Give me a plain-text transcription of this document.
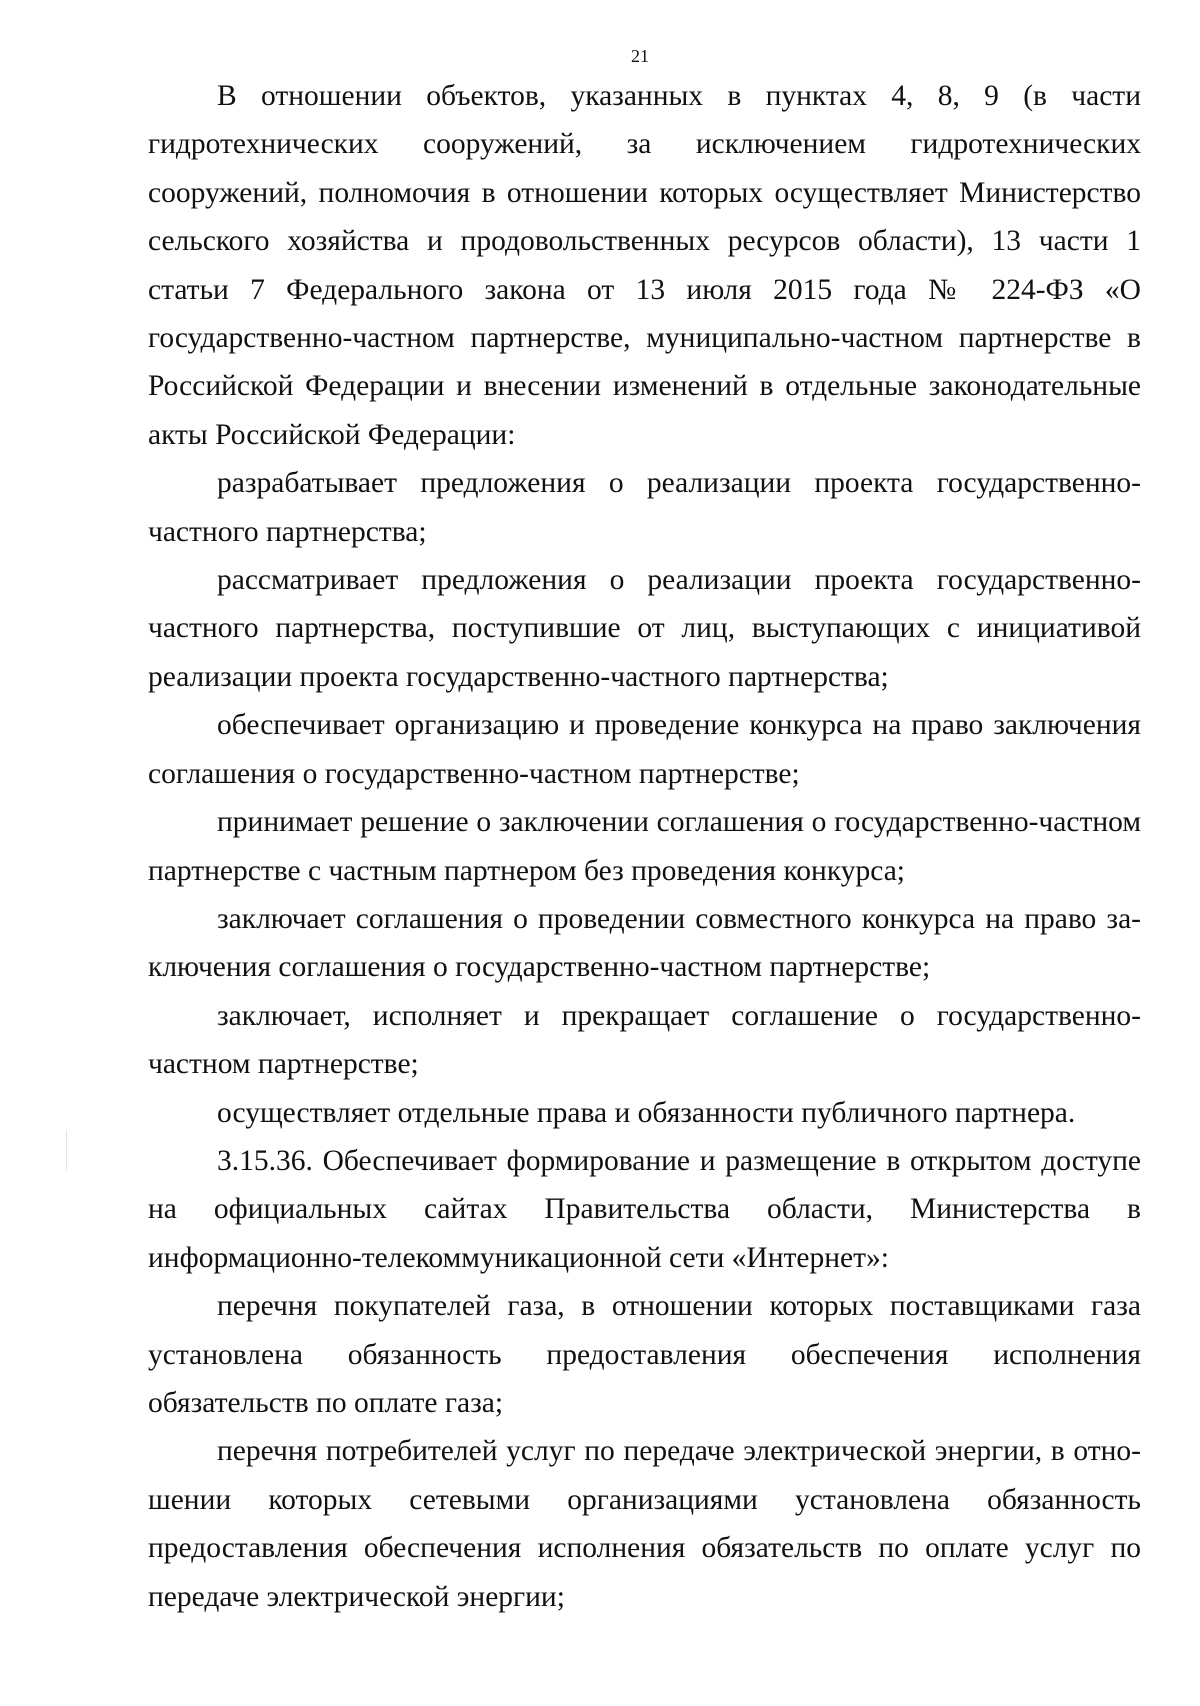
21

В отношении объектов, указанных в пунктах 4, 8, 9 (в части гидротехнических сооружений, за исключением гидротехнических сооружений, полномочия в отношении которых осуществляет Министерство сельского хозяйства и продовольственных ресурсов области), 13 части 1 статьи 7 Федерального закона от 13 июля 2015 года № 224-ФЗ «О государственно-частном партнерстве, муниципально-частном партнерстве в Российской Федерации и внесении изменений в отдельные законодательные акты Российской Федерации:

разрабатывает предложения о реализации проекта государственно-частного партнерства;

рассматривает предложения о реализации проекта государственно-частного партнерства, поступившие от лиц, выступающих с инициативой реализации проекта государственно-частного партнерства;

обеспечивает организацию и проведение конкурса на право заключения соглашения о государственно-частном партнерстве;

принимает решение о заключении соглашения о государственно-частном партнерстве с частным партнером без проведения конкурса;

заключает соглашения о проведении совместного конкурса на право заключения соглашения о государственно-частном партнерстве;

заключает, исполняет и прекращает соглашение о государственно-частном партнерстве;

осуществляет отдельные права и обязанности публичного партнера.

3.15.36. Обеспечивает формирование и размещение в открытом доступе на официальных сайтах Правительства области, Министерства в информационно-телекоммуникационной сети «Интернет»:

перечня покупателей газа, в отношении которых поставщиками газа установлена обязанность предоставления обеспечения исполнения обязательств по оплате газа;

перечня потребителей услуг по передаче электрической энергии, в отношении которых сетевыми организациями установлена обязанность предоставления обеспечения исполнения обязательств по оплате услуг по передаче электрической энергии;
